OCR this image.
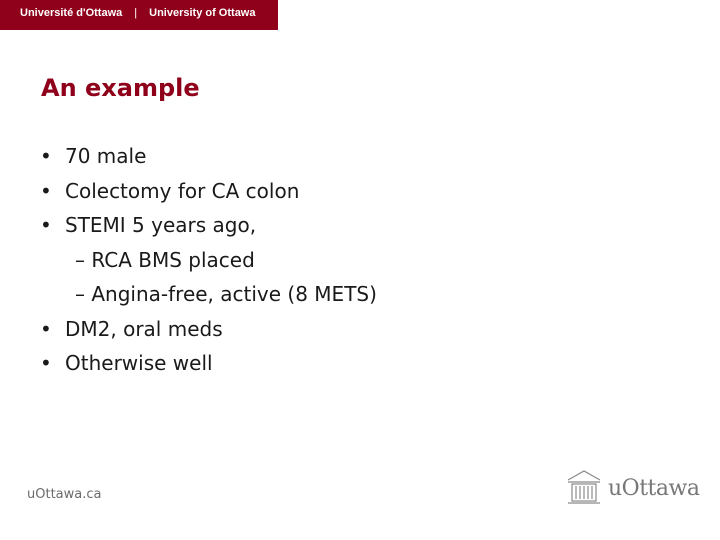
Université d'Ottawa | University of Ottawa
An example
• 70 male
• Colectomy for CA colon
• STEMI 5 years ago,
– RCA BMS placed
– Angina-free, active (8 METS)
• DM2, oral meds
• Otherwise well
uOttawa.ca	uOttawa
